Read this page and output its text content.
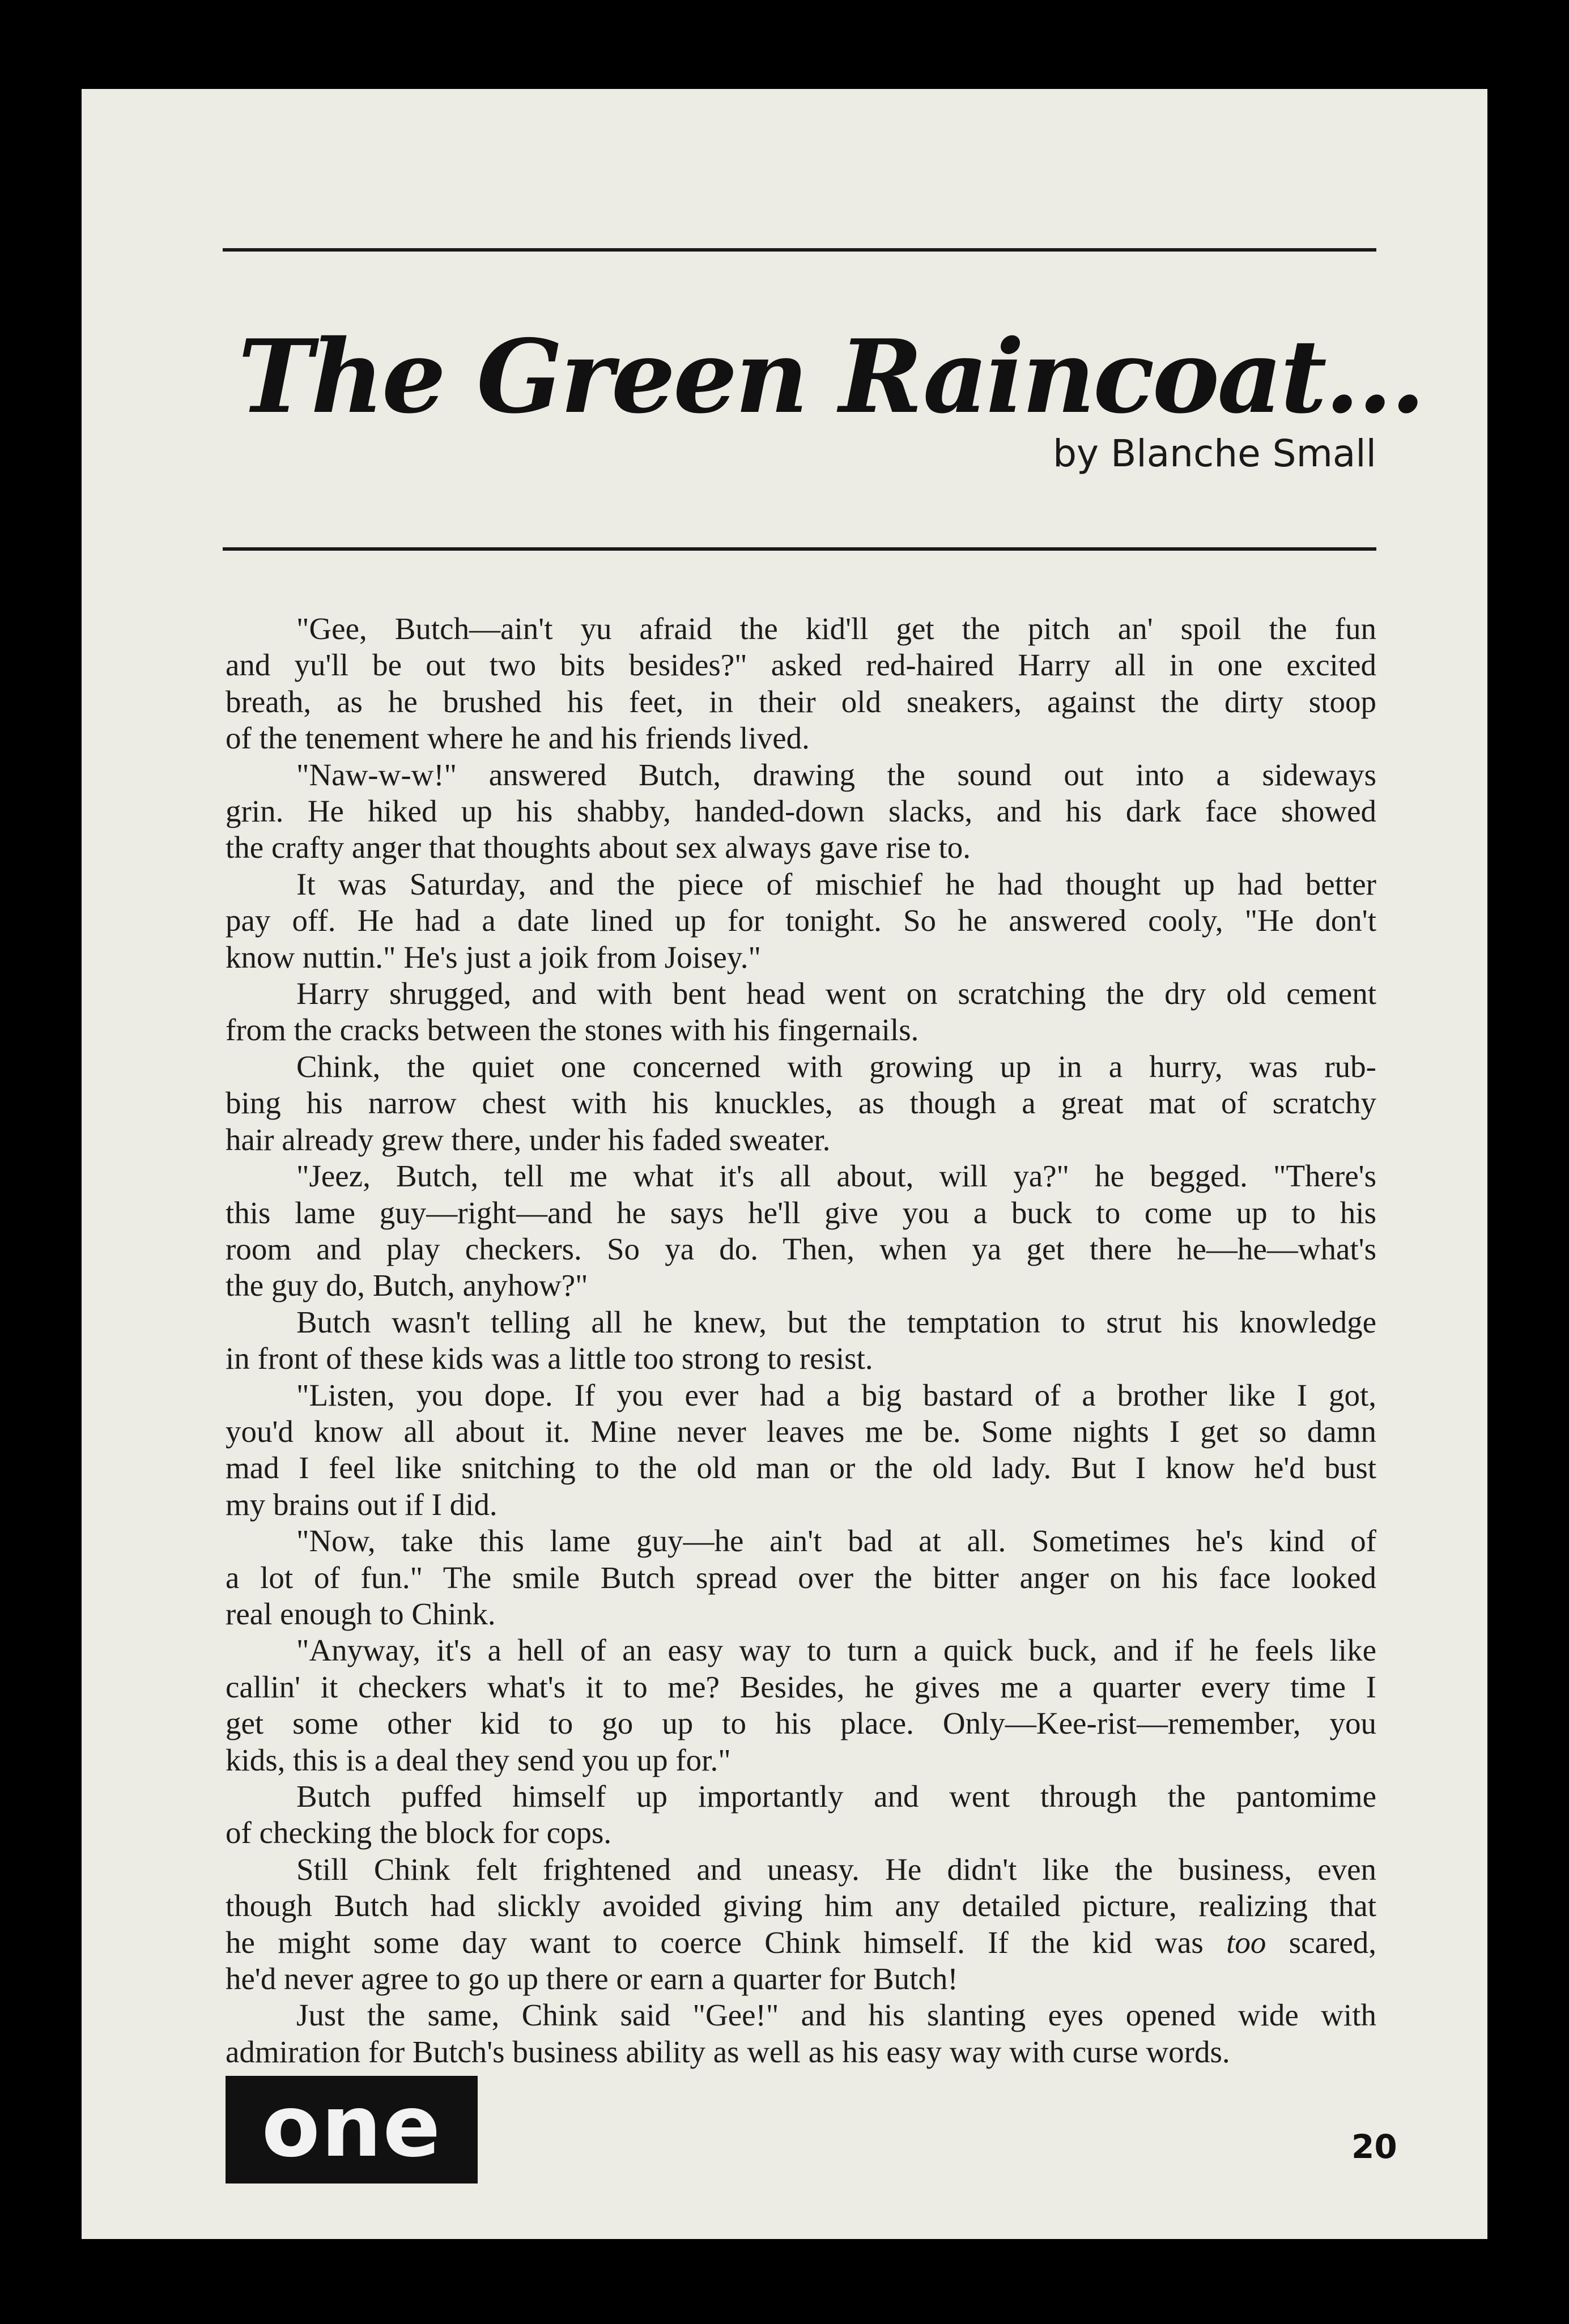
The Green Raincoat...
by Blanche Small
"Gee, Butch—ain't yu afraid the kid'll get the pitch an' spoil the fun
and yu'll be out two bits besides?" asked red-haired Harry all in one excited
breath, as he brushed his feet, in their old sneakers, against the dirty stoop
of the tenement where he and his friends lived.
"Naw-w-w!" answered Butch, drawing the sound out into a sideways
grin. He hiked up his shabby, handed-down slacks, and his dark face showed
the crafty anger that thoughts about sex always gave rise to.
It was Saturday, and the piece of mischief he had thought up had better
pay off. He had a date lined up for tonight. So he answered cooly, "He don't
know nuttin." He's just a joik from Joisey."
Harry shrugged, and with bent head went on scratching the dry old cement
from the cracks between the stones with his fingernails.
Chink, the quiet one concerned with growing up in a hurry, was rub-
bing his narrow chest with his knuckles, as though a great mat of scratchy
hair already grew there, under his faded sweater.
"Jeez, Butch, tell me what it's all about, will ya?" he begged. "There's
this lame guy—right—and he says he'll give you a buck to come up to his
room and play checkers. So ya do. Then, when ya get there he—he—what's
the guy do, Butch, anyhow?"
Butch wasn't telling all he knew, but the temptation to strut his knowledge
in front of these kids was a little too strong to resist.
"Listen, you dope. If you ever had a big bastard of a brother like I got,
you'd know all about it. Mine never leaves me be. Some nights I get so damn
mad I feel like snitching to the old man or the old lady. But I know he'd bust
my brains out if I did.
"Now, take this lame guy—he ain't bad at all. Sometimes he's kind of
a lot of fun." The smile Butch spread over the bitter anger on his face looked
real enough to Chink.
"Anyway, it's a hell of an easy way to turn a quick buck, and if he feels like
callin' it checkers what's it to me? Besides, he gives me a quarter every time I
get some other kid to go up to his place. Only—Kee-rist—remember, you
kids, this is a deal they send you up for."
Butch puffed himself up importantly and went through the pantomime
of checking the block for cops.
Still Chink felt frightened and uneasy. He didn't like the business, even
though Butch had slickly avoided giving him any detailed picture, realizing that
he might some day want to coerce Chink himself. If the kid was too scared,
he'd never agree to go up there or earn a quarter for Butch!
Just the same, Chink said "Gee!" and his slanting eyes opened wide with
admiration for Butch's business ability as well as his easy way with curse words.
one	20
